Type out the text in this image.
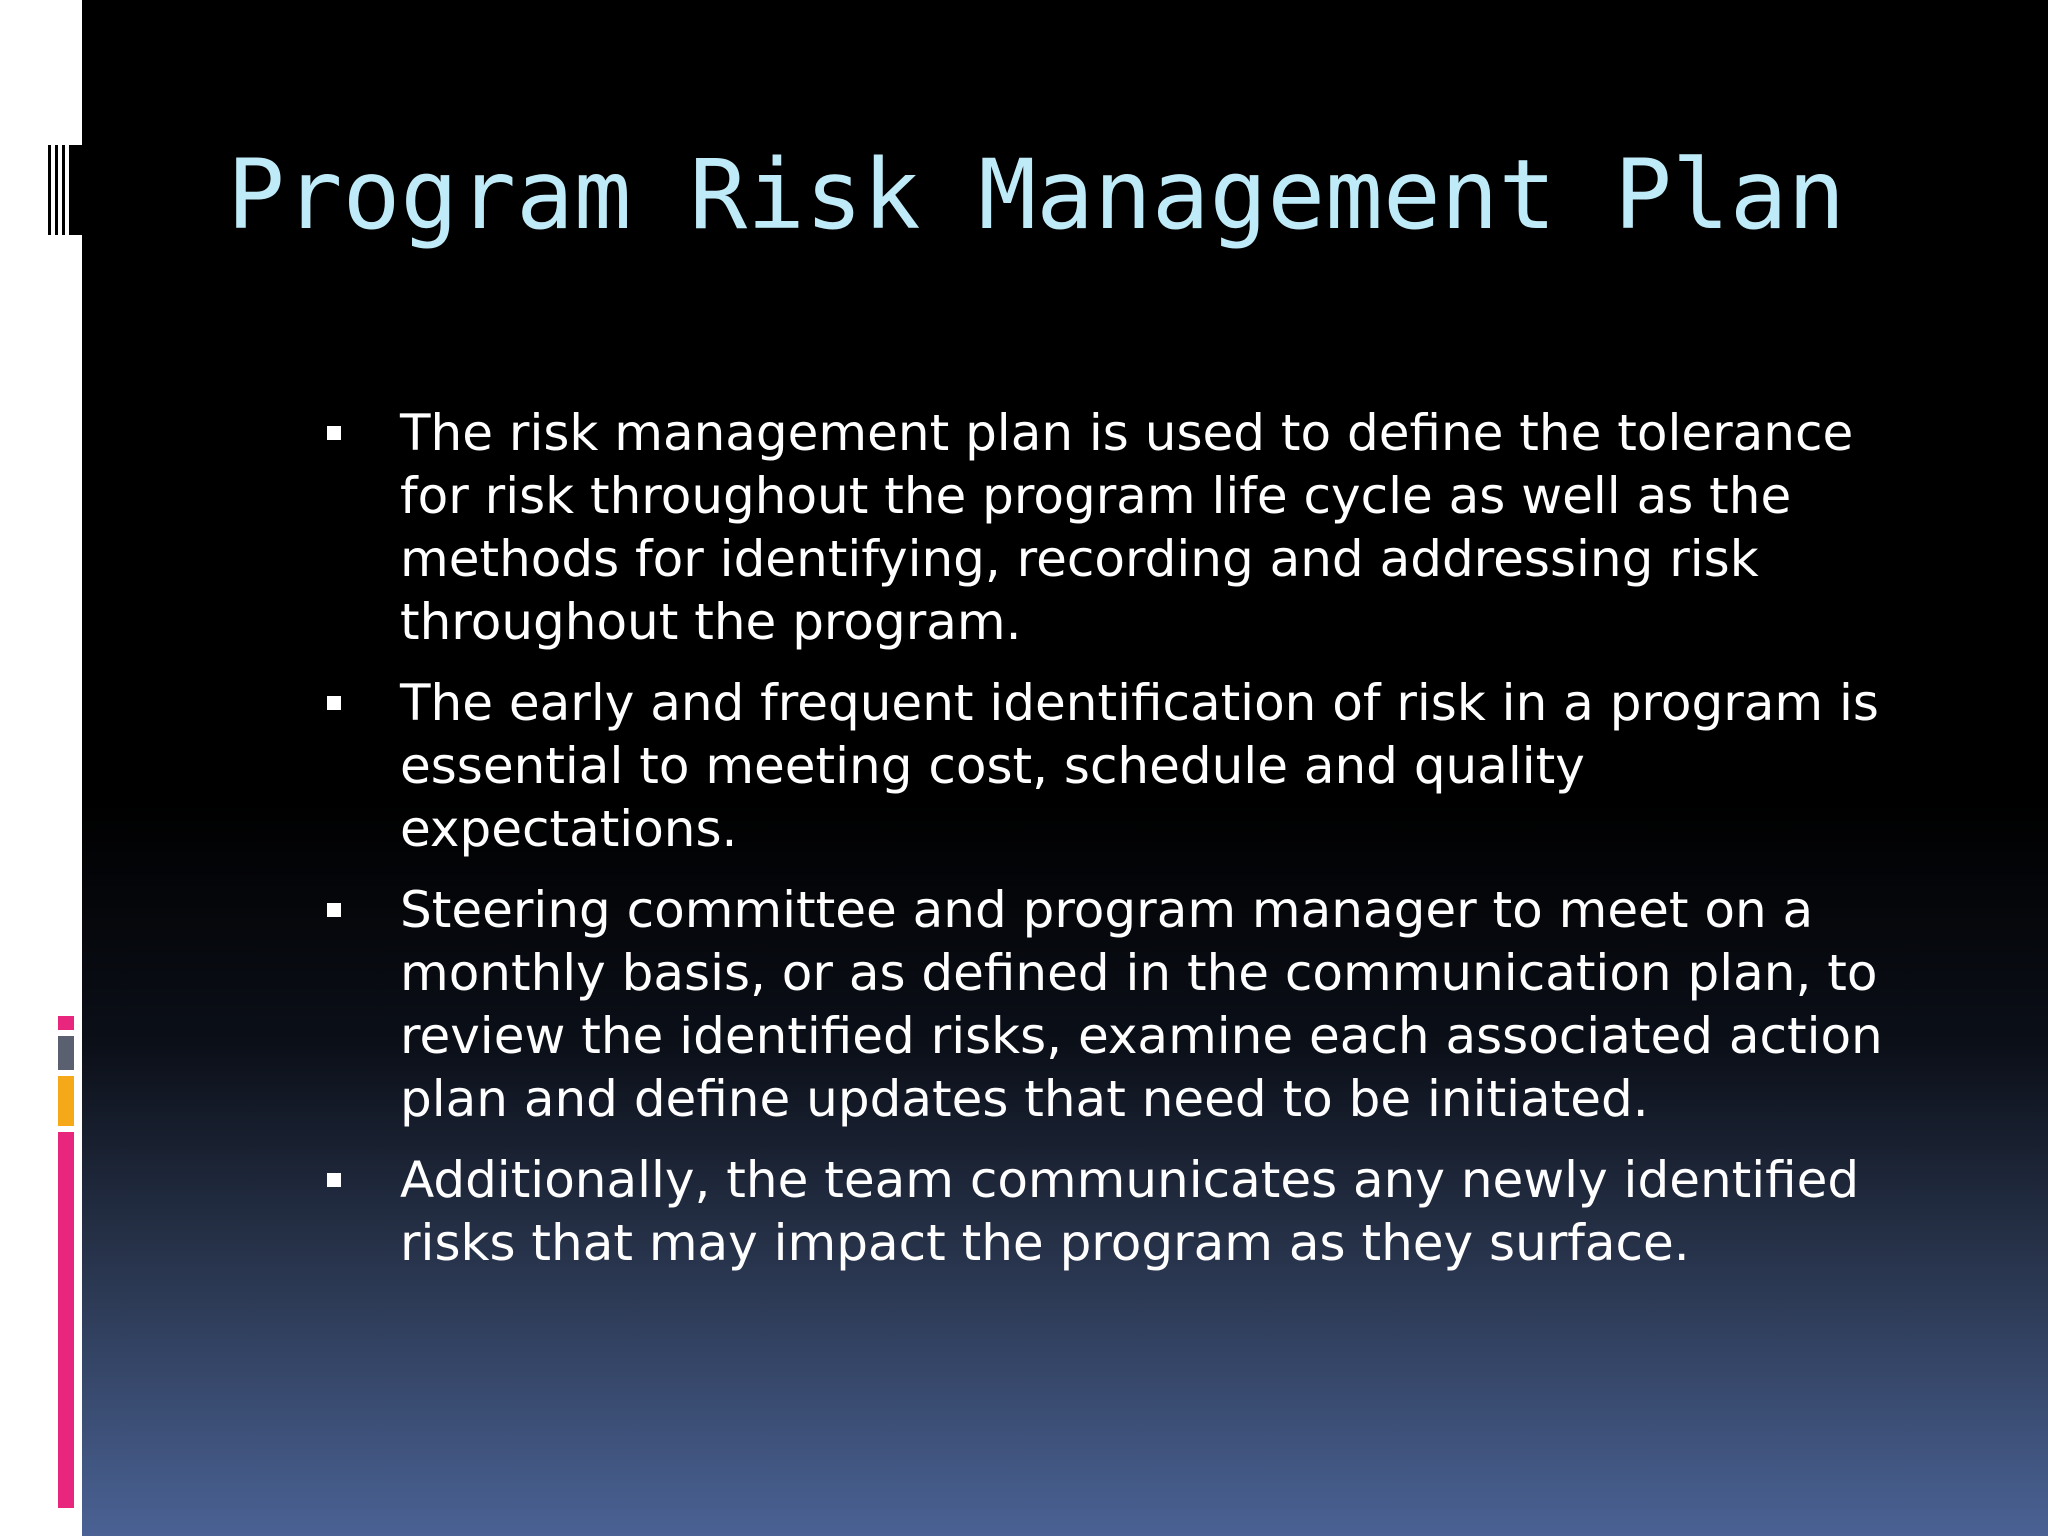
Program Risk Management Plan
The risk management plan is used to define the tolerance
for risk throughout the program life cycle as well as the
methods for identifying, recording and addressing risk
throughout the program.
The early and frequent identification of risk in a program is
essential to meeting cost, schedule and quality
expectations.
Steering committee and program manager to meet on a
monthly basis, or as defined in the communication plan, to
review the identified risks, examine each associated action
plan and define updates that need to be initiated.
Additionally, the team communicates any newly identified
risks that may impact the program as they surface.
